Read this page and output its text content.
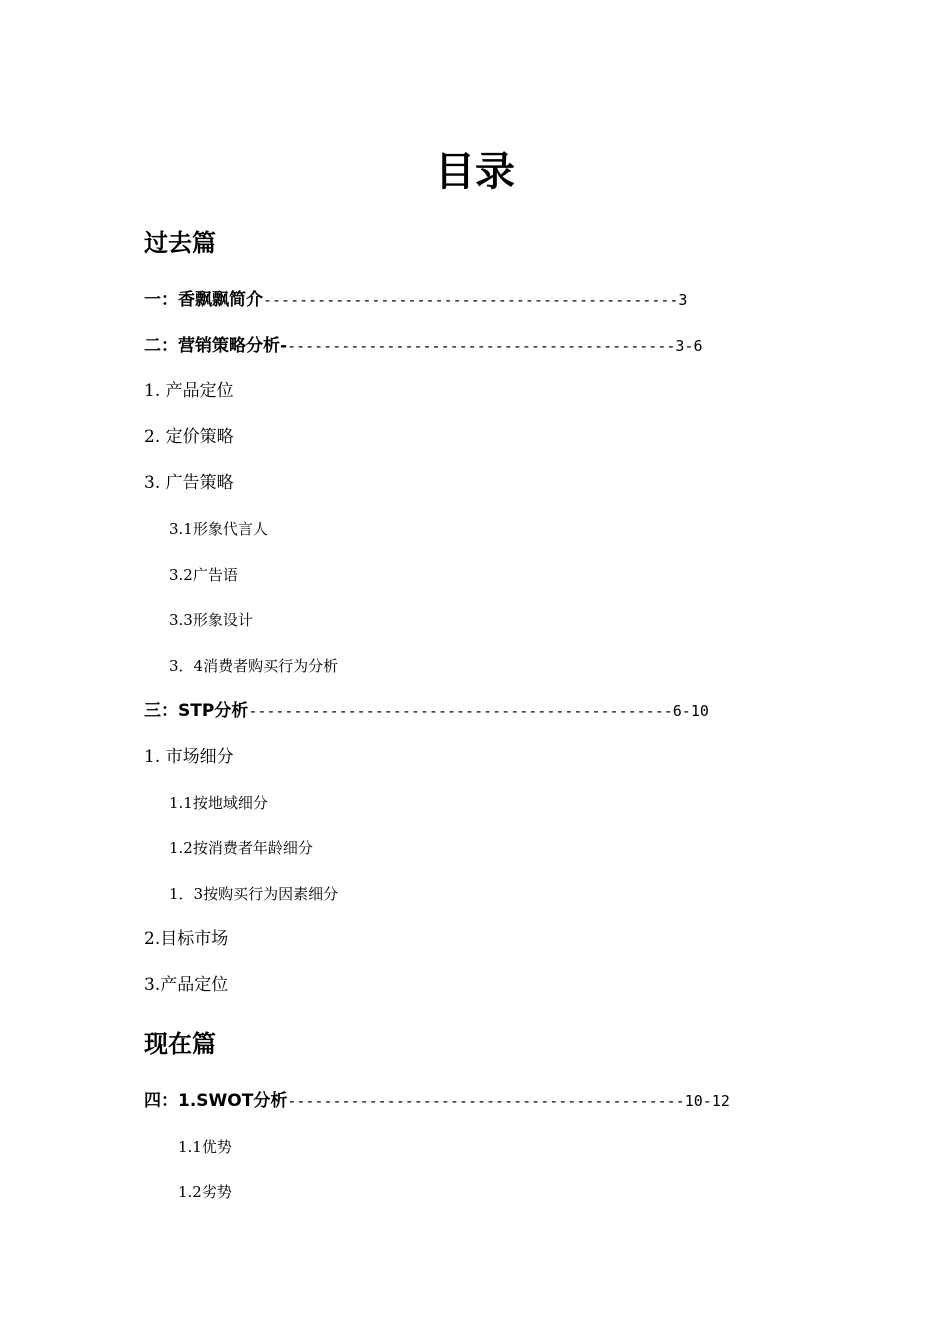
目录
过去篇
一：香飘飘简介----------------------------------------------3
二：营销策略分析--------------------------------------------3-6
1. 产品定位
2. 定价策略
3. 广告策略
3.1形象代言人
3.2广告语
3.3形象设计
3．4消费者购买行为分析
三：STP分析-----------------------------------------------6-10
1. 市场细分
1.1按地域细分
1.2按消费者年龄细分
1．3按购买行为因素细分
2.目标市场
3.产品定位
现在篇
四：1.SWOT分析--------------------------------------------10-12
1.1优势
1.2劣势
